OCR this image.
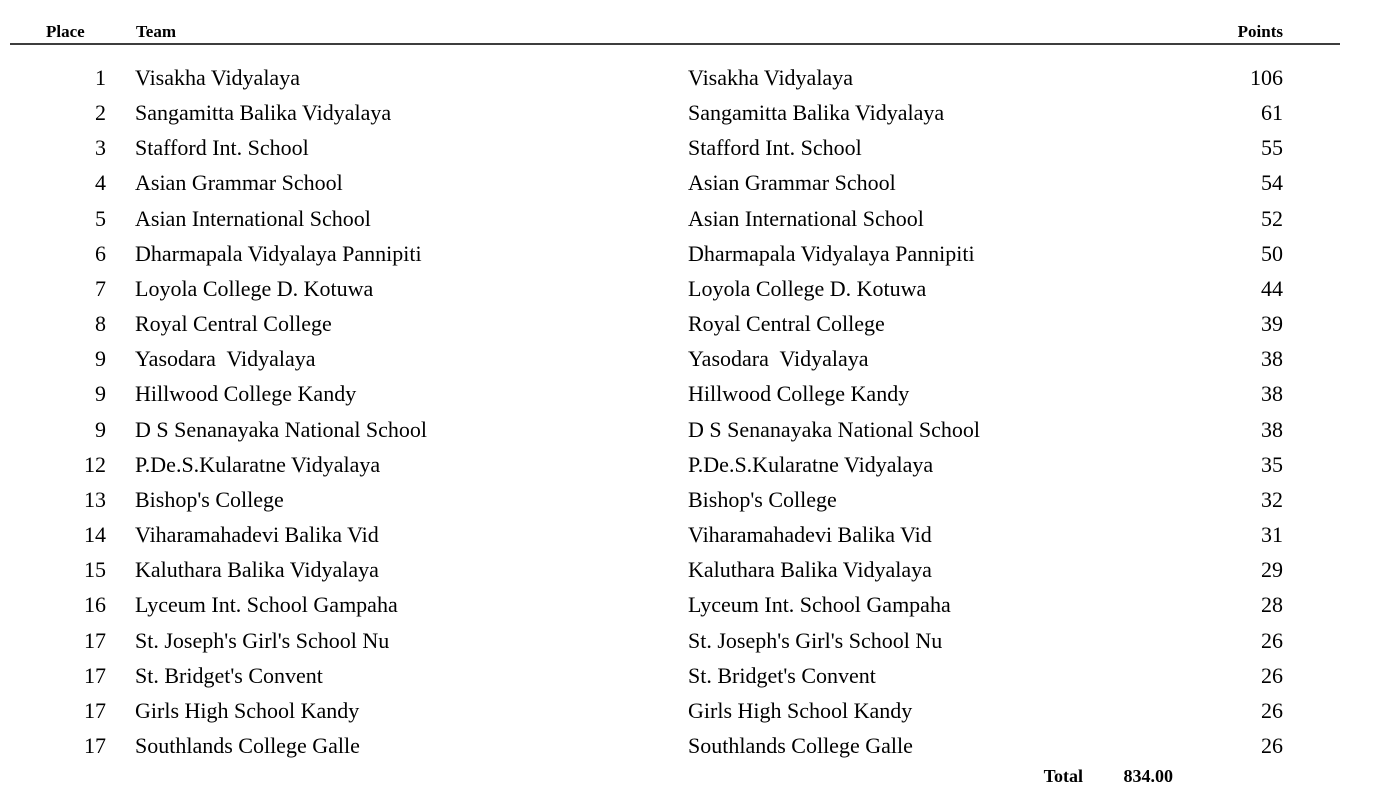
Place	Team	Points
1 Visakha Vidyalaya	Visakha Vidyalaya	106
2 Sangamitta Balika Vidyalaya	Sangamitta Balika Vidyalaya	61
3 Stafford Int. School	Stafford Int. School	55
4 Asian Grammar School	Asian Grammar School	54
5 Asian International School	Asian International School	52
6 Dharmapala Vidyalaya Pannipiti	Dharmapala Vidyalaya Pannipiti	50
7 Loyola College D. Kotuwa	Loyola College D. Kotuwa	44
8 Royal Central College	Royal Central College	39
9 Yasodara  Vidyalaya	Yasodara  Vidyalaya	38
9 Hillwood College Kandy	Hillwood College Kandy	38
9 D S Senanayaka National School	D S Senanayaka National School	38
12 P.De.S.Kularatne Vidyalaya	P.De.S.Kularatne Vidyalaya	35
13 Bishop's College	Bishop's College	32
14 Viharamahadevi Balika Vid	Viharamahadevi Balika Vid	31
15 Kaluthara Balika Vidyalaya	Kaluthara Balika Vidyalaya	29
16 Lyceum Int. School Gampaha	Lyceum Int. School Gampaha	28
17 St. Joseph's Girl's School Nu	St. Joseph's Girl's School Nu	26
17 St. Bridget's Convent	St. Bridget's Convent	26
17 Girls High School Kandy	Girls High School Kandy	26
17 Southlands College Galle	Southlands College Galle	26
Total	834.00
